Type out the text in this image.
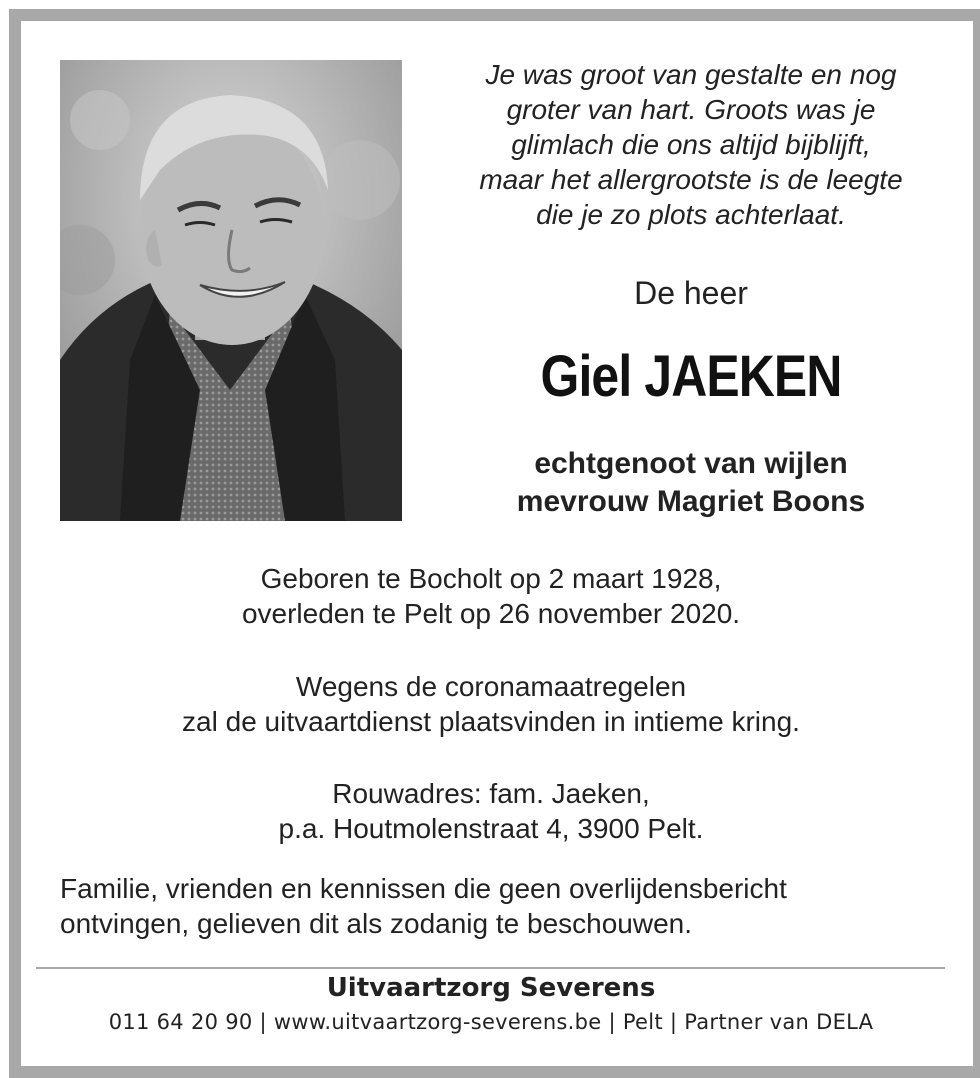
Je was groot van gestalte en nog
groter van hart. Groots was je
glimlach die ons altijd bijblijft,
maar het allergrootste is de leegte
die je zo plots achterlaat.
De heer
Giel JAEKEN
echtgenoot van wijlen
mevrouw Magriet Boons
Geboren te Bocholt op 2 maart 1928,
overleden te Pelt op 26 november 2020.
Wegens de coronamaatregelen
zal de uitvaartdienst plaatsvinden in intieme kring.
Rouwadres: fam. Jaeken,
p.a. Houtmolenstraat 4, 3900 Pelt.
Familie, vrienden en kennissen die geen overlijdensbericht
ontvingen, gelieven dit als zodanig te beschouwen.
Uitvaartzorg Severens
011 64 20 90 | www.uitvaartzorg-severens.be | Pelt | Partner van DELA
